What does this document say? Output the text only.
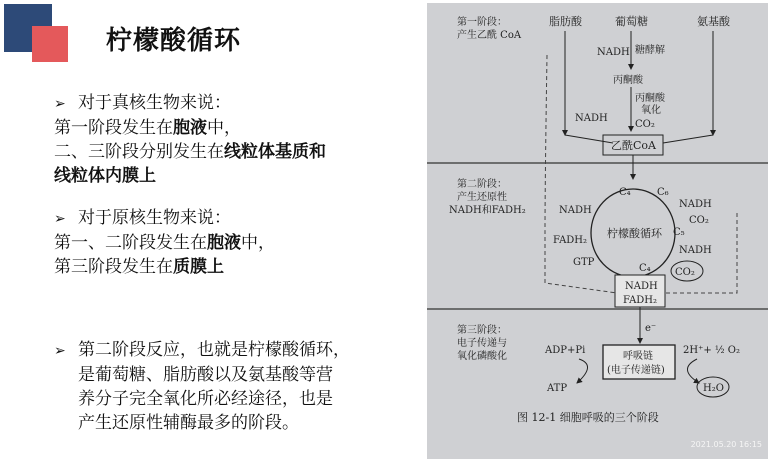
柠檬酸循环
➢ 对于真核生物来说：
第一阶段发生在胞液中，
二、三阶段分别发生在线粒体基质和
线粒体内膜上
➢ 对于原核生物来说：
第一、二阶段发生在胞液中，
第三阶段发生在质膜上
➢ 第二阶段反应，也就是柠檬酸循环，
是葡萄糖、脂肪酸以及氨基酸等营
养分子完全氧化所必经途径，也是
产生还原性辅酶最多的阶段。
第一阶段：
产生乙酰 CoA
第二阶段：
产生还原性
NADH和FADH₂
第三阶段：
电子传递与
氧化磷酸化
脂肪酸	葡萄糖	氨基酸
糖酵解
NADH
丙酮酸
丙酮酸
氧化
NADH
CO₂
乙酰CoA
柠檬酸循环
C₄	C₆
C₅
C₄
NADH
NADH
CO₂
FADH₂
NADH
GTP
CO₂
NADH
FADH₂
e⁻
呼吸链
(电子传递链)
ADP+Pi
ATP
2H⁺+ ½ O₂
H₂O
图 12-1 细胞呼吸的三个阶段
2021.05.20 16:15
